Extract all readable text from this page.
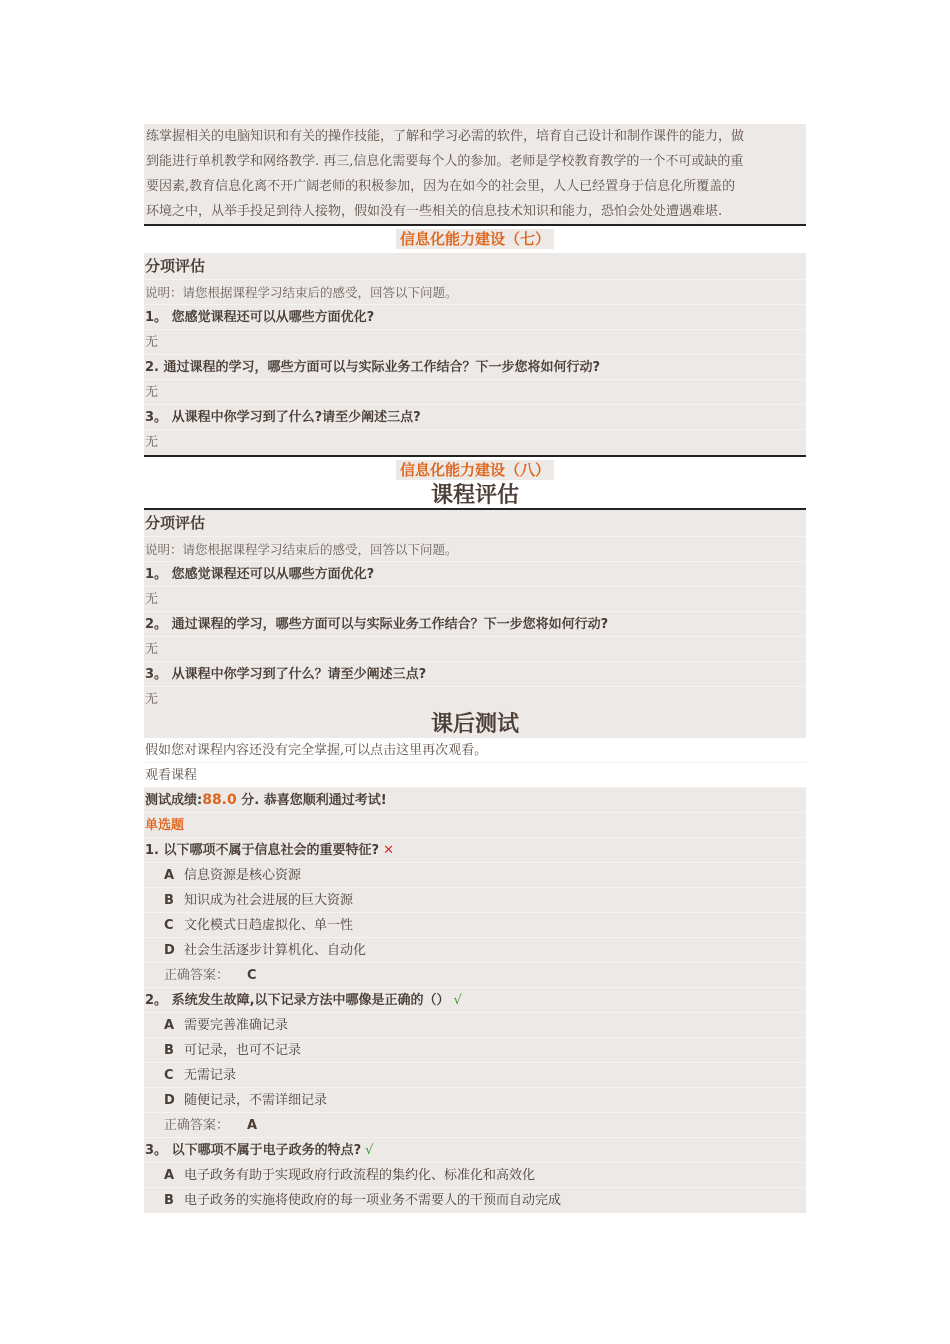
练掌握相关的电脑知识和有关的操作技能，了解和学习必需的软件，培育自己设计和制作课件的能力，做
到能进行单机教学和网络教学. 再三,信息化需要每个人的参加。老师是学校教育教学的一个不可或缺的重
要因素,教育信息化离不开广阔老师的积极参加，因为在如今的社会里，人人已经置身于信息化所覆盖的
环境之中，从举手投足到待人接物，假如没有一些相关的信息技术知识和能力，恐怕会处处遭遇难堪.
信息化能力建设（七）
分项评估
说明：请您根据课程学习结束后的感受，回答以下问题。
1。 您感觉课程还可以从哪些方面优化?
无
2. 通过课程的学习，哪些方面可以与实际业务工作结合？下一步您将如何行动?
无
3。 从课程中你学习到了什么?请至少阐述三点?
无
信息化能力建设（八）
课程评估
分项评估
说明：请您根据课程学习结束后的感受，回答以下问题。
1。 您感觉课程还可以从哪些方面优化?
无
2。 通过课程的学习，哪些方面可以与实际业务工作结合？下一步您将如何行动?
无
3。 从课程中你学习到了什么？请至少阐述三点?
无
课后测试
假如您对课程内容还没有完全掌握,可以点击这里再次观看。
观看课程
测试成绩:88.0 分. 恭喜您顺利通过考试!
单选题
1. 以下哪项不属于信息社会的重要特征? ✕
A 信息资源是核心资源
B 知识成为社会进展的巨大资源
C 文化模式日趋虚拟化、单一性
D 社会生活逐步计算机化、自动化
正确答案： C
2。 系统发生故障,以下记录方法中哪像是正确的（） √
A 需要完善准确记录
B 可记录，也可不记录
C 无需记录
D 随便记录，不需详细记录
正确答案： A
3。 以下哪项不属于电子政务的特点? √
A 电子政务有助于实现政府行政流程的集约化、标准化和高效化
B 电子政务的实施将使政府的每一项业务不需要人的干预而自动完成
